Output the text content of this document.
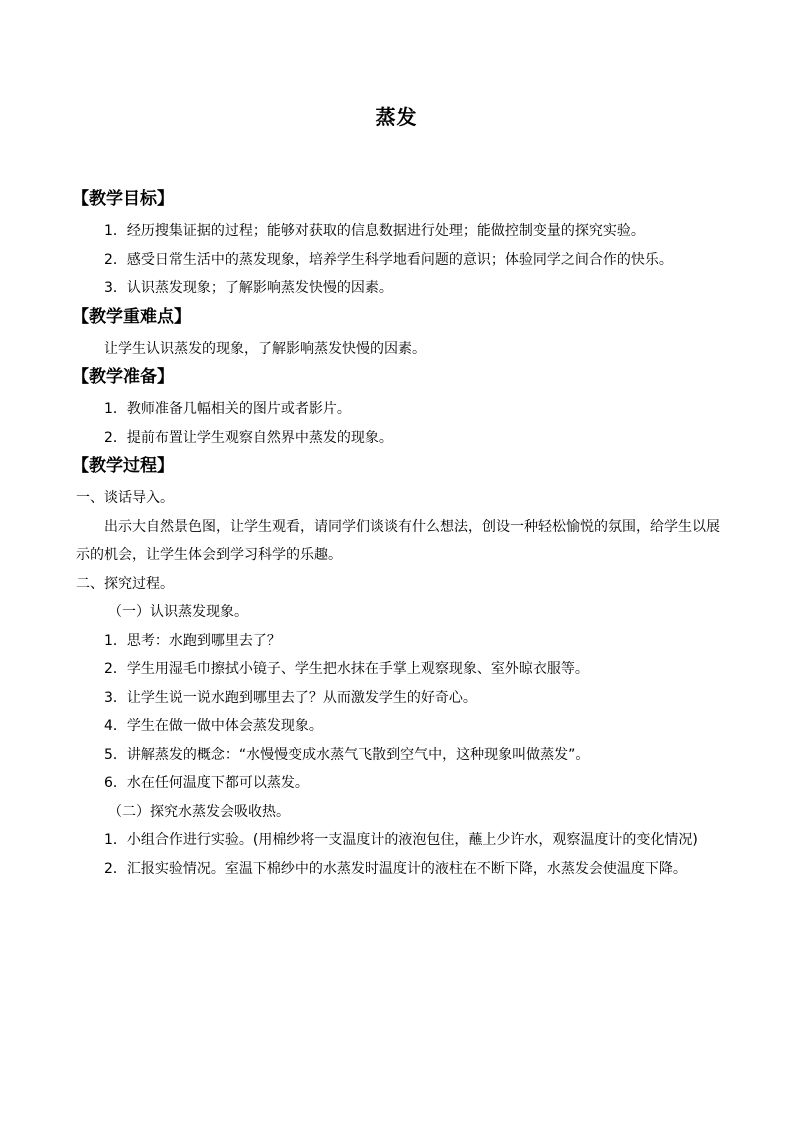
蒸发
【教学目标】

1．经历搜集证据的过程；能够对获取的信息数据进行处理；能做控制变量的探究实验。

2．感受日常生活中的蒸发现象，培养学生科学地看问题的意识；体验同学之间合作的快乐。

3．认识蒸发现象；了解影响蒸发快慢的因素。

【教学重难点】

让学生认识蒸发的现象，了解影响蒸发快慢的因素。

【教学准备】

1．教师准备几幅相关的图片或者影片。

2．提前布置让学生观察自然界中蒸发的现象。

【教学过程】

一、谈话导入。

出示大自然景色图，让学生观看，请同学们谈谈有什么想法，创设一种轻松愉悦的氛围，给学生以展示的机会，让学生体会到学习科学的乐趣。

二、探究过程。

（一）认识蒸发现象。

1．思考：水跑到哪里去了？

2．学生用湿毛巾擦拭小镜子、学生把水抹在手掌上观察现象、室外晾衣服等。

3．让学生说一说水跑到哪里去了？从而激发学生的好奇心。

4．学生在做一做中体会蒸发现象。

5．讲解蒸发的概念：“水慢慢变成水蒸气飞散到空气中，这种现象叫做蒸发”。

6．水在任何温度下都可以蒸发。

（二）探究水蒸发会吸收热。

1．小组合作进行实验。(用棉纱将一支温度计的液泡包住，蘸上少许水，观察温度计的变化情况)

2．汇报实验情况。室温下棉纱中的水蒸发时温度计的液柱在不断下降，水蒸发会使温度下降。
